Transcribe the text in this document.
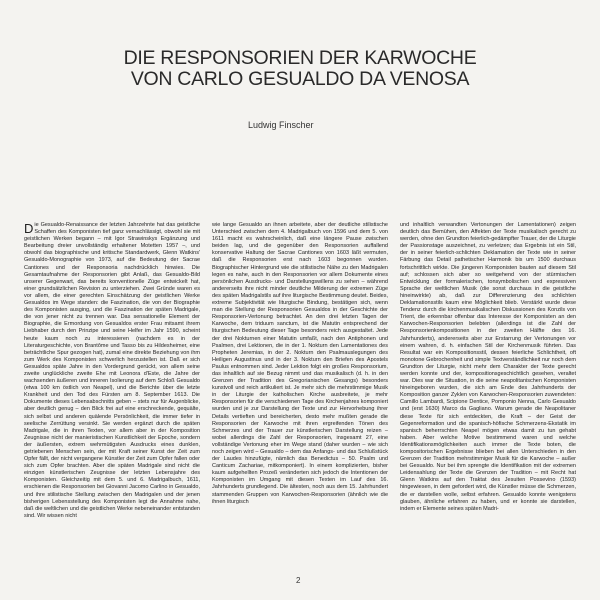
DIE RESPONSORIEN DER KARWOCHE
VON CARLO GESUALDO DA VENOSA
Ludwig Finscher
Die Gesualdo-Renaissance der letzten Jahrzehnte hat das geistliche Schaffen des Komponisten tief ganz vernachlässigt, obwohl sie mit geistlichen Werken begann – mit Igor Strawinskys Ergänzung und Bearbeitung dreier unvollständig erhaltener Motetten 1957 –, und obwohl das biographische und kritische Standardwerk, Glenn Watkins' Gesualdo-Monographie von 1973, auf die Bedeutung der Sacrae Cantiones und der Responsoria nachdrücklich hinwies. Die Gesamtaufnahme der Responsorien gibt Anlaß, das Gesualdo-Bild unserer Gegenwart, das bereits konventionelle Züge entwickelt hat, einer grundsätzlichen Revision zu unterziehen. Zwei Gründe waren es vor allem, die einer gerechten Einschätzung der geistlichen Werke Gesualdos im Wege standen: die Faszination, die von der Biographie des Komponisten ausging, und die Faszination der späten Madrigale, die von jener nicht zu trennen war. Das sensationelle Element der Biographie, die Ermordung von Gesualdos erster Frau mitsamt ihrem Liebhaber durch den Prinzipe und seine Helfer im Jahr 1590, scheint heute kaum noch zu interessieren (nachdem es in der Literaturgeschichte, von Brantôme und Tasso bis zu Hildesheimer, eine beträchtliche Spur gezogen hat), zumal eine direkte Beziehung von ihm zum Werk des Komponisten schwerlich herzustellen ist. Daß er sich Gesualdos späte Jahre in den Vordergrund gerückt, von allem seine zweite unglückliche zweite Ehe mit Leonora d'Este, die Jahre der wachsenden äußeren und inneren Isolierung auf dem Schloß Gesualdo (etwa 100 km östlich von Neapel), und die Berichte über die letzte Krankheit und den Tod des Fürsten am 8. September 1613. Die Dokumente dieses Lebensabschnitts geben – stets nur für Augenblicke, aber deutlich genug – den Blick frei auf eine erschreckende, gequälte, sich selbst und anderen quälende Persönlichkeit, die immer tiefer in seelische Zerrüttung versinkt. Sie werden ergänzt durch die späten Madrigale, die in ihren Texten, vor allem aber in der Komposition Zeugnisse nicht der manieristischen Kunstlichkeit der Epoche, sondern der äußersten, extrem wehrmütigsten Ausdrucks eines dunklen, getriebenen Menschen sein, der mit Kraft seiner Kunst der Zeit zum Opfer fällt, der nicht vergangene Künstler der Zeit zum Opfer fallen oder sich zum Opfer brachten. Aber die späten Madrigale sind nicht die einzigen künstlerischen Zeugnisse der letzten Lebensjahre des Komponisten. Gleichzeitig mit dem 5. und 6. Madrigalbuch, 1611, erschienen die Responsorien bei Giovanni Jacomo Carlino in Gesualdo, und ihre stilistische Stellung zwischen den Madrigalen und der jenen bisherigen Lebensstellung des Komponisten legt die Annahme nahe, daß die weltlichen und die geistlichen Werke nebeneinander entstanden sind. Wir wissen nicht
wie lange Gesualdo an ihnen arbeitete, aber der deutliche stilistische Unterschied zwischen dem 4. Madrigalbuch von 1596 und dem 5. von 1611 macht es wahrscheinlich, daß eine längere Pause zwischen beiden lag, und die gegenüber den Responsorien auffallend konservative Haltung der Sacrae Cantiones von 1603 läßt vermuten, daß die Responsorien erst nach 1603 begonnen wurden. Biographischer Hintergrund wie die stilistische Nähe zu den Madrigalen legen es nahe, auch in den Responsorien vor allem Dokumente eines persönlichen Ausdrucks- und Darstellungswillens zu sehen – während andererseits ihre nicht minder deutliche Milderung der extremen Züge des späten Madrigalstils auf ihre liturgische Bestimmung deutet. Beides, extreme Subjektivität wie liturgische Bindung, bestätigen sich, wenn man die Stellung der Responsorien Gesualdos in der Geschichte der Responsorien-Vertonung betrachtet. An den drei letzten Tagen der Karwoche, dem triduum sanctum, ist die Matutin entsprechend der liturgischen Bedeutung dieser Tage besonders reich ausgestaltet. Jede der drei Nokturnen einer Matutin umfaßt, nach den Antiphonen und Psalmen, drei Lektionen, die in der 1. Nokturn den Lamentationes des Propheten Jeremias, in der 2. Nokturn den Psalmauslegungen des Heiligen Augustinus und in der 3. Nokturn den Briefen des Apostels Paulus entnommen sind. Jeder Lektion folgt ein großes Responsorium, das inhaltlich auf sie Bezug nimmt und das musikalisch (d. h. in den Grenzen der Tradition des Gregorianischen Gesangs) besonders kunstvoll und reich artikuliert ist. Je mehr sich die mehrstimmige Musik in der Liturgie der katholischen Kirche ausbreitete, je mehr Responsorien für die verschiedenen Tage des Kirchenjahres komponiert wurden und je zur Darstellung der Texte und zur Hervorhebung ihrer Details vertieften und bereicherten, desto mehr mußten gerade die Responsorien der Karwoche mit ihren ergreifenden Tönen des Schmerzes und der Trauer zur künstlerischen Darstellung reizen – wobei allerdings die Zahl der Responsorien, insgesamt 27, eine vollständige Vertonung eher im Wege stand (daher wurden – wie sich noch zeigen wird – Gesualdo – dem das Anfangs- und das Schlußstück der Laudes hinzufügte, nämlich das Benedictus – 50. Psalm und Canticum Zachariae, mitkomponiert). In einem komplizierten, bisher kaum aufgehellten Prozeß veränderten sich jedoch die Intentionen der Komponisten im Umgang mit diesen Texten im Lauf des 16. Jahrhunderts grundlegend. Die ältesten, noch aus dem 15. Jahrhundert stammenden Gruppen von Karwochen-Responsorien (ähnlich wie die ihnen liturgisch
und inhaltlich verwandten Vertonungen der Lamentationen) zeigen deutlich das Bemühen, den Affekten der Texte musikalisch gerecht zu werden, ohne den Grundton feierlich-gedämpfter Trauer, der die Liturgie der Passionstage auszeichnet, zu verletzen; das Ergebnis ist ein Stil, der in seiner feierlich-schlichten Deklamation der Texte wie in seiner Färbung das Detail pathetischer Harmonik bis um 1500 durchaus fortschrittlich wirkte. Die jüngeren Komponisten bauten auf diesem Stil auf; schlossen sich aber so weitgehend von der stürmischen Entwicklung der formalerischen, tonsymbolischen und expressiven Sprache der weltlichen Musik (die sonst durchaus in die geistliche hineinwirkte) ab, daß zur Differenzierung des schlichten Deklamationsstils kaum eine Möglichkeit blieb. Verstärkt wurde diese Tendenz durch die kirchenmusikalischen Diskussionen des Konzils von Trient, die erkennbar offenbar das Interesse der Komponisten an den Karwochen-Responsorien belebten (allerdings ist die Zahl der Responsorienkompositionen in der zweiten Hälfte des 16. Jahrhunderts), andererseits aber zur Erstarrung der Vertonungen vor einem wahren, d. h. einfachen Stil der Kirchenmusik führten. Das Resultat war ein Kompositionsstil, dessen feierliche Schlichtheit, oft monotone Gebrochenheit und simple Textverständlichkeit nur noch dem Grundton der Liturgie, nicht mehr dem Charakter der Texte gerecht werden konnte und der, kompositionsgeschichtlich gesehen, veraltet war. Dies war die Situation, in die seine neapolitanischen Komponisten hineingeboren wurden, die sich am Ende des Jahrhunderts der Komposition ganzer Zyklen von Karwochen-Responsorien zuwendeten: Camillo Lambardi, Scipione Dentice, Pomponio Nenna, Carlo Gesualdo und (erst 1630) Marco da Gagliano. Warum gerade die Neapolitaner diese Texte für sich entdeckten, die Kraft – der Geist der Gegenreformation und die spanisch-höfische Schmerzens-Ekstatik im spanisch beherrschten Neapel mögen etwas damit zu tun gehabt haben. Aber welche Motive bestimmend waren und welche Identifikationsmöglichkeiten auch immer die Texte boten, die kompositorischen Ergebnisse blieben bei allen Unterschieden in den Grenzen der Tradition mehrstimmiger Musik für die Karwoche – außer bei Gesualdo. Nur bei ihm sprengte die Identifikation mit der extremen Leidensahlung der Texte die Grenzen der Tradition – mit Recht hat Glenn Watkins auf den Traktat des Jesuiten Possevino (1593) hingewiesen, in dem gefordert wird, die Künstler müsse die Schmerzen, die er darstellen wolle, selbst erfahren. Gesualdo konnte wenigstens glauben, ähnliche erfahren zu haben, und er konnte sie darstellen, indem er Elemente seines späten Madri-
2
